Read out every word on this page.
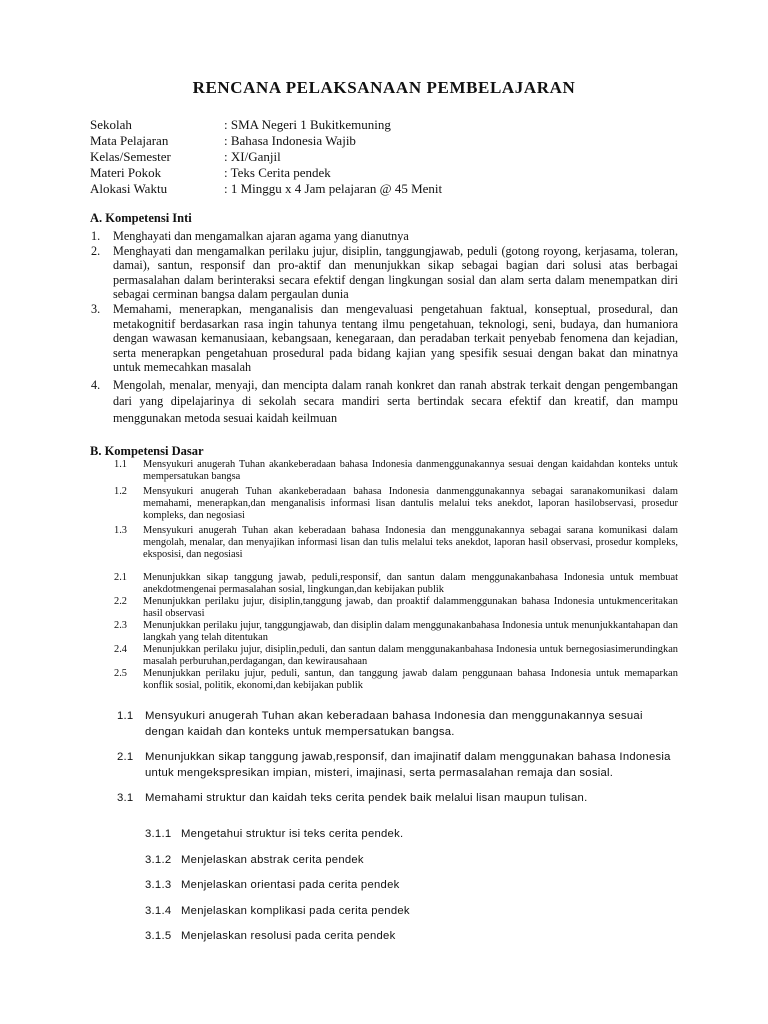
RENCANA PELAKSANAAN PEMBELAJARAN
Sekolah	: SMA Negeri 1 Bukitkemuning
Mata Pelajaran	: Bahasa Indonesia Wajib
Kelas/Semester	: XI/Ganjil
Materi Pokok	: Teks Cerita pendek
Alokasi Waktu	: 1 Minggu x 4 Jam pelajaran @ 45 Menit
A. Kompetensi Inti
1.	Menghayati dan mengamalkan ajaran agama yang dianutnya
2.	Menghayati dan mengamalkan perilaku jujur, disiplin, tanggungjawab, peduli (gotong royong, kerjasama, toleran, damai), santun, responsif dan pro-aktif dan menunjukkan sikap sebagai bagian dari solusi atas berbagai permasalahan dalam berinteraksi secara efektif dengan lingkungan sosial dan alam serta dalam menempatkan diri sebagai cerminan bangsa dalam pergaulan dunia
3.	Memahami, menerapkan, menganalisis dan mengevaluasi pengetahuan faktual, konseptual, prosedural, dan metakognitif berdasarkan rasa ingin tahunya tentang ilmu pengetahuan, teknologi, seni, budaya, dan humaniora dengan wawasan kemanusiaan, kebangsaan, kenegaraan, dan peradaban terkait penyebab fenomena dan kejadian, serta menerapkan pengetahuan prosedural pada bidang kajian yang spesifik sesuai dengan bakat dan minatnya untuk memecahkan masalah
4.	Mengolah, menalar, menyaji, dan mencipta dalam ranah konkret dan ranah abstrak terkait dengan pengembangan dari yang dipelajarinya di sekolah secara mandiri serta bertindak secara efektif dan kreatif, dan mampu menggunakan metoda sesuai kaidah keilmuan
B. Kompetensi Dasar
1.1	Mensyukuri anugerah Tuhan akankeberadaan bahasa Indonesia danmenggunakannya sesuai dengan kaidahdan konteks untuk mempersatukan bangsa
1.2	Mensyukuri anugerah Tuhan akankeberadaan bahasa Indonesia danmenggunakannya sebagai saranakomunikasi dalam memahami, menerapkan,dan menganalisis informasi lisan dantulis melalui teks anekdot, laporan hasilobservasi, prosedur kompleks, dan negosiasi
1.3	Mensyukuri anugerah Tuhan akan keberadaan bahasa Indonesia dan menggunakannya sebagai sarana komunikasi dalam mengolah, menalar, dan menyajikan informasi lisan dan tulis melalui teks anekdot, laporan hasil observasi, prosedur kompleks, eksposisi, dan negosiasi
2.1	Menunjukkan sikap tanggung jawab, peduli,responsif, dan santun dalam menggunakanbahasa Indonesia untuk membuat anekdotmengenai permasalahan sosial, lingkungan,dan kebijakan publik
2.2	Menunjukkan perilaku jujur, disiplin,tanggung jawab, dan proaktif dalammenggunakan bahasa Indonesia untukmenceritakan hasil observasi
2.3	Menunjukkan perilaku jujur, tanggungjawab, dan disiplin dalam menggunakanbahasa Indonesia untuk menunjukkantahapan dan langkah yang telah ditentukan
2.4	Menunjukkan perilaku jujur, disiplin,peduli, dan santun dalam menggunakanbahasa Indonesia untuk bernegosiasimerundingkan masalah perburuhan,perdagangan, dan kewirausahaan
2.5	Menunjukkan perilaku jujur, peduli, santun, dan tanggung jawab dalam penggunaan bahasa Indonesia untuk memaparkan konflik sosial, politik, ekonomi,dan kebijakan publik
1.1	Mensyukuri anugerah Tuhan akan keberadaan bahasa Indonesia dan menggunakannya sesuai dengan kaidah dan konteks untuk mempersatukan bangsa.
2.1	Menunjukkan sikap tanggung jawab,responsif, dan imajinatif dalam menggunakan bahasa Indonesia untuk mengekspresikan impian, misteri, imajinasi, serta permasalahan remaja dan sosial.
3.1	Memahami struktur dan kaidah teks cerita pendek baik melalui lisan maupun tulisan.
3.1.1 Mengetahui struktur isi teks cerita pendek.
3.1.2 Menjelaskan abstrak cerita pendek
3.1.3 Menjelaskan orientasi pada cerita pendek
3.1.4 Menjelaskan komplikasi pada cerita pendek
3.1.5 Menjelaskan resolusi pada cerita pendek
